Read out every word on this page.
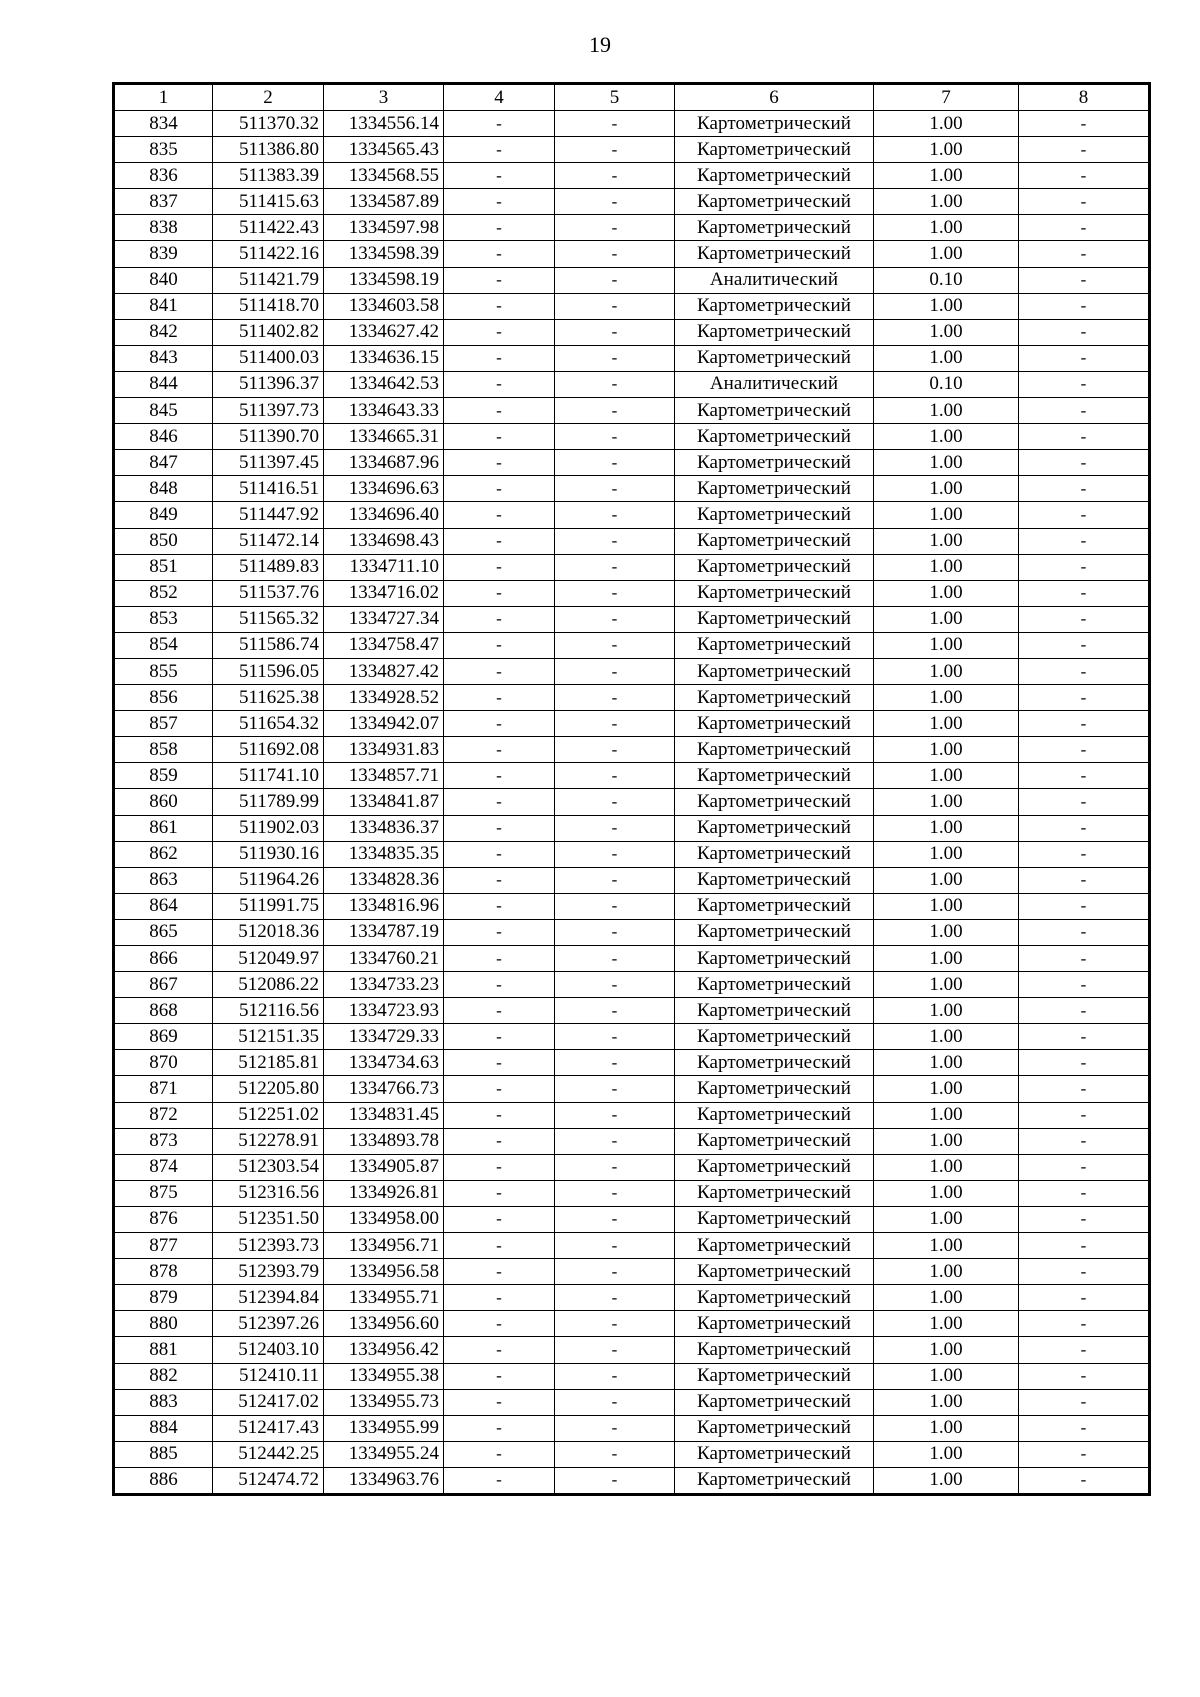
19
1	2	3	4	5	6	7	8
834	511370.32	1334556.14	-	-	Картометрический	1.00	-
835	511386.80	1334565.43	-	-	Картометрический	1.00	-
836	511383.39	1334568.55	-	-	Картометрический	1.00	-
837	511415.63	1334587.89	-	-	Картометрический	1.00	-
838	511422.43	1334597.98	-	-	Картометрический	1.00	-
839	511422.16	1334598.39	-	-	Картометрический	1.00	-
840	511421.79	1334598.19	-	-	Аналитический	0.10	-
841	511418.70	1334603.58	-	-	Картометрический	1.00	-
842	511402.82	1334627.42	-	-	Картометрический	1.00	-
843	511400.03	1334636.15	-	-	Картометрический	1.00	-
844	511396.37	1334642.53	-	-	Аналитический	0.10	-
845	511397.73	1334643.33	-	-	Картометрический	1.00	-
846	511390.70	1334665.31	-	-	Картометрический	1.00	-
847	511397.45	1334687.96	-	-	Картометрический	1.00	-
848	511416.51	1334696.63	-	-	Картометрический	1.00	-
849	511447.92	1334696.40	-	-	Картометрический	1.00	-
850	511472.14	1334698.43	-	-	Картометрический	1.00	-
851	511489.83	1334711.10	-	-	Картометрический	1.00	-
852	511537.76	1334716.02	-	-	Картометрический	1.00	-
853	511565.32	1334727.34	-	-	Картометрический	1.00	-
854	511586.74	1334758.47	-	-	Картометрический	1.00	-
855	511596.05	1334827.42	-	-	Картометрический	1.00	-
856	511625.38	1334928.52	-	-	Картометрический	1.00	-
857	511654.32	1334942.07	-	-	Картометрический	1.00	-
858	511692.08	1334931.83	-	-	Картометрический	1.00	-
859	511741.10	1334857.71	-	-	Картометрический	1.00	-
860	511789.99	1334841.87	-	-	Картометрический	1.00	-
861	511902.03	1334836.37	-	-	Картометрический	1.00	-
862	511930.16	1334835.35	-	-	Картометрический	1.00	-
863	511964.26	1334828.36	-	-	Картометрический	1.00	-
864	511991.75	1334816.96	-	-	Картометрический	1.00	-
865	512018.36	1334787.19	-	-	Картометрический	1.00	-
866	512049.97	1334760.21	-	-	Картометрический	1.00	-
867	512086.22	1334733.23	-	-	Картометрический	1.00	-
868	512116.56	1334723.93	-	-	Картометрический	1.00	-
869	512151.35	1334729.33	-	-	Картометрический	1.00	-
870	512185.81	1334734.63	-	-	Картометрический	1.00	-
871	512205.80	1334766.73	-	-	Картометрический	1.00	-
872	512251.02	1334831.45	-	-	Картометрический	1.00	-
873	512278.91	1334893.78	-	-	Картометрический	1.00	-
874	512303.54	1334905.87	-	-	Картометрический	1.00	-
875	512316.56	1334926.81	-	-	Картометрический	1.00	-
876	512351.50	1334958.00	-	-	Картометрический	1.00	-
877	512393.73	1334956.71	-	-	Картометрический	1.00	-
878	512393.79	1334956.58	-	-	Картометрический	1.00	-
879	512394.84	1334955.71	-	-	Картометрический	1.00	-
880	512397.26	1334956.60	-	-	Картометрический	1.00	-
881	512403.10	1334956.42	-	-	Картометрический	1.00	-
882	512410.11	1334955.38	-	-	Картометрический	1.00	-
883	512417.02	1334955.73	-	-	Картометрический	1.00	-
884	512417.43	1334955.99	-	-	Картометрический	1.00	-
885	512442.25	1334955.24	-	-	Картометрический	1.00	-
886	512474.72	1334963.76	-	-	Картометрический	1.00	-
